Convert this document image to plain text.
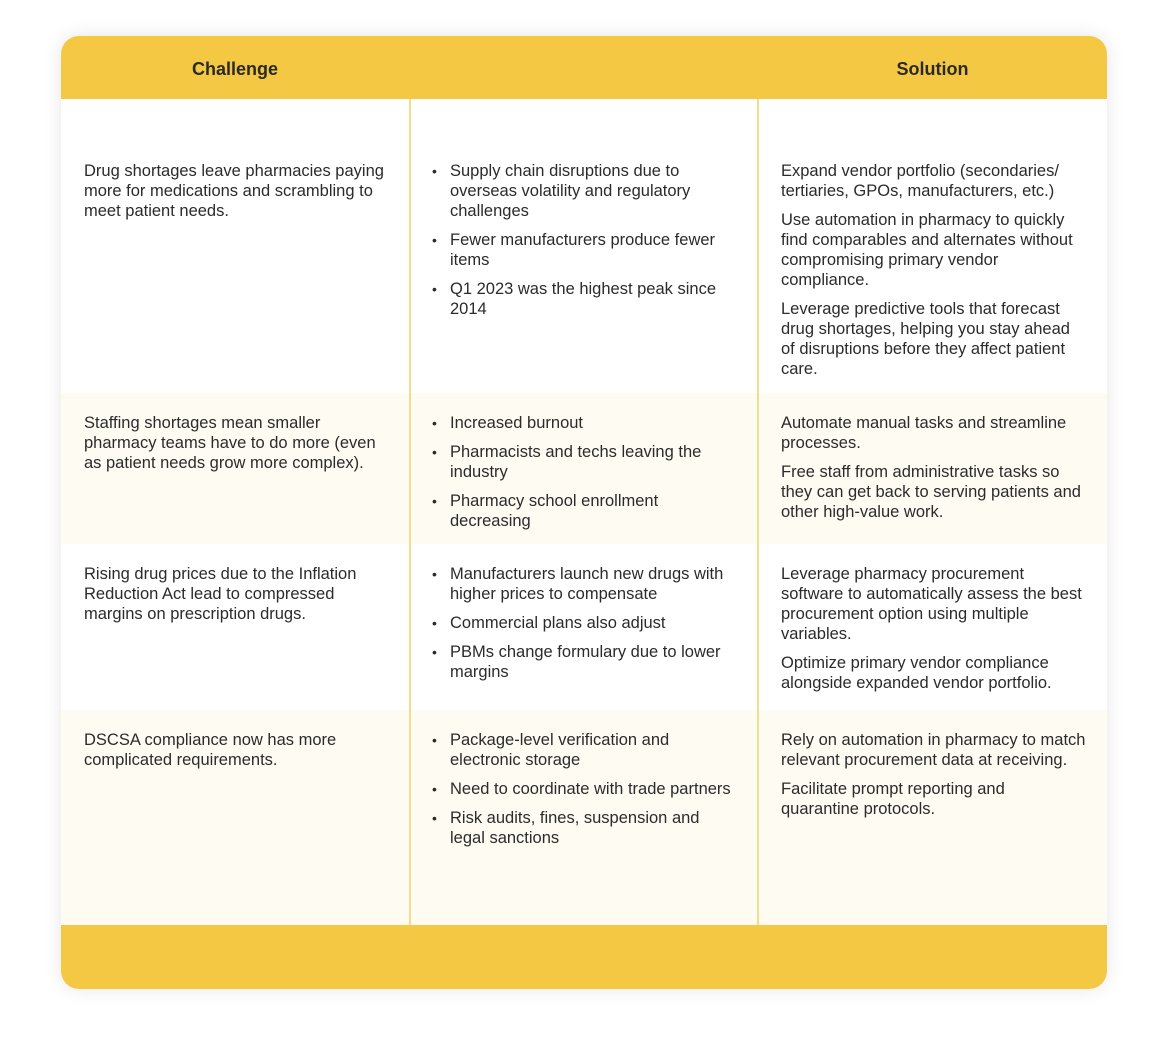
Challenge	Solution

Drug shortages leave pharmacies paying more for medications and scrambling to meet patient needs.

• Supply chain disruptions due to overseas volatility and regulatory challenges
• Fewer manufacturers produce fewer items
• Q1 2023 was the highest peak since 2014

Expand vendor portfolio (secondaries/ tertiaries, GPOs, manufacturers, etc.)

Use automation in pharmacy to quickly find comparables and alternates without compromising primary vendor compliance.

Leverage predictive tools that forecast drug shortages, helping you stay ahead of disruptions before they affect patient care.

Staffing shortages mean smaller pharmacy teams have to do more (even as patient needs grow more complex).

• Increased burnout
• Pharmacists and techs leaving the industry
• Pharmacy school enrollment decreasing

Automate manual tasks and streamline processes.

Free staff from administrative tasks so they can get back to serving patients and other high-value work.

Rising drug prices due to the Inflation Reduction Act lead to compressed margins on prescription drugs.

• Manufacturers launch new drugs with higher prices to compensate
• Commercial plans also adjust
• PBMs change formulary due to lower margins

Leverage pharmacy procurement software to automatically assess the best procurement option using multiple variables.

Optimize primary vendor compliance alongside expanded vendor portfolio.

DSCSA compliance now has more complicated requirements.

• Package-level verification and electronic storage
• Need to coordinate with trade partners
• Risk audits, fines, suspension and legal sanctions

Rely on automation in pharmacy to match relevant procurement data at receiving.

Facilitate prompt reporting and quarantine protocols.
